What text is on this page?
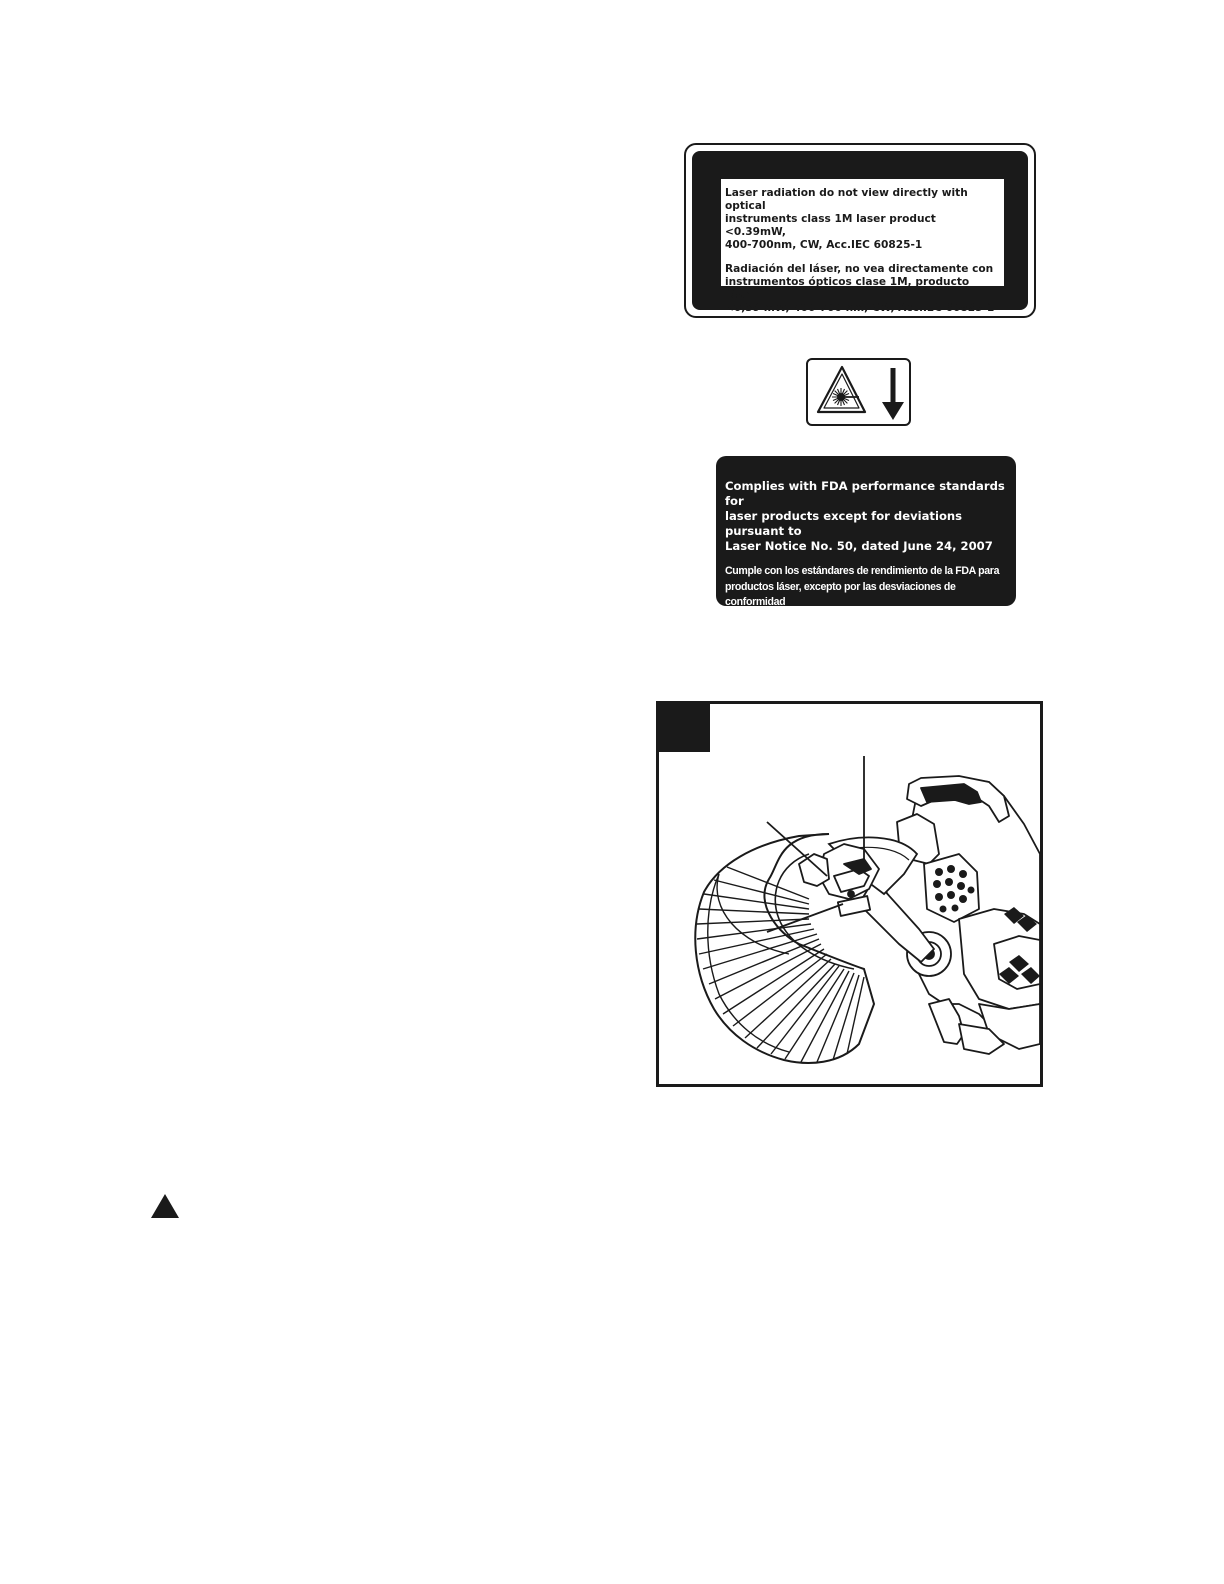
Laser radiation do not view directly with optical
instruments class 1M laser product <0.39mW,
400-700nm, CW, Acc.IEC 60825-1

Radiación del láser, no vea directamente con
instrumentos ópticos clase 1M, producto láser
<0,39 mW, 400-700 nm, CW, Acc.IEC 60825-1

Complies with FDA performance standards for
laser products except for deviations pursuant to
Laser Notice No. 50, dated June 24, 2007

Cumple con los estándares de rendimiento de la FDA para
productos láser, excepto por las desviaciones de conformidad
con el Aviso de láser No. 50, con fecha 24 de junio de 2007
